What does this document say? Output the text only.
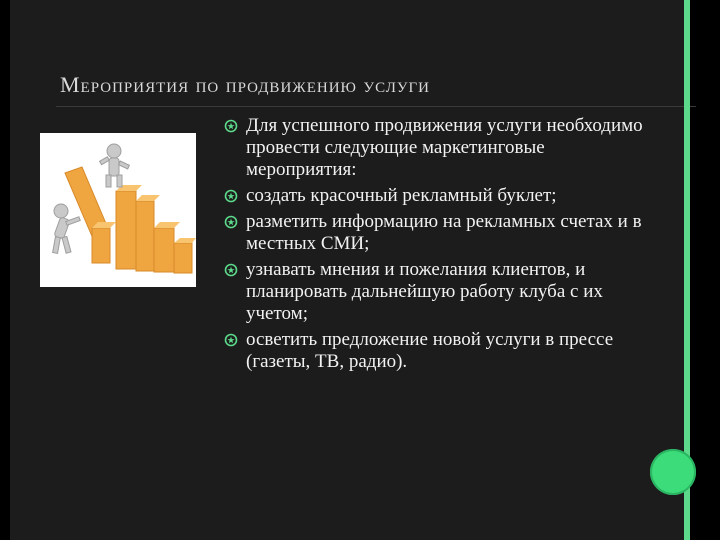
Мероприятия по продвижению услуги
Для успешного продвижения услуги необходимо провести следующие маркетинговые мероприятия:
создать красочный рекламный буклет;
разметить информацию на рекламных счетах и в местных СМИ;
узнавать мнения и пожелания клиентов, и планировать дальнейшую работу клуба с их учетом;
осветить предложение новой услуги в прессе (газеты, ТВ, радио).
